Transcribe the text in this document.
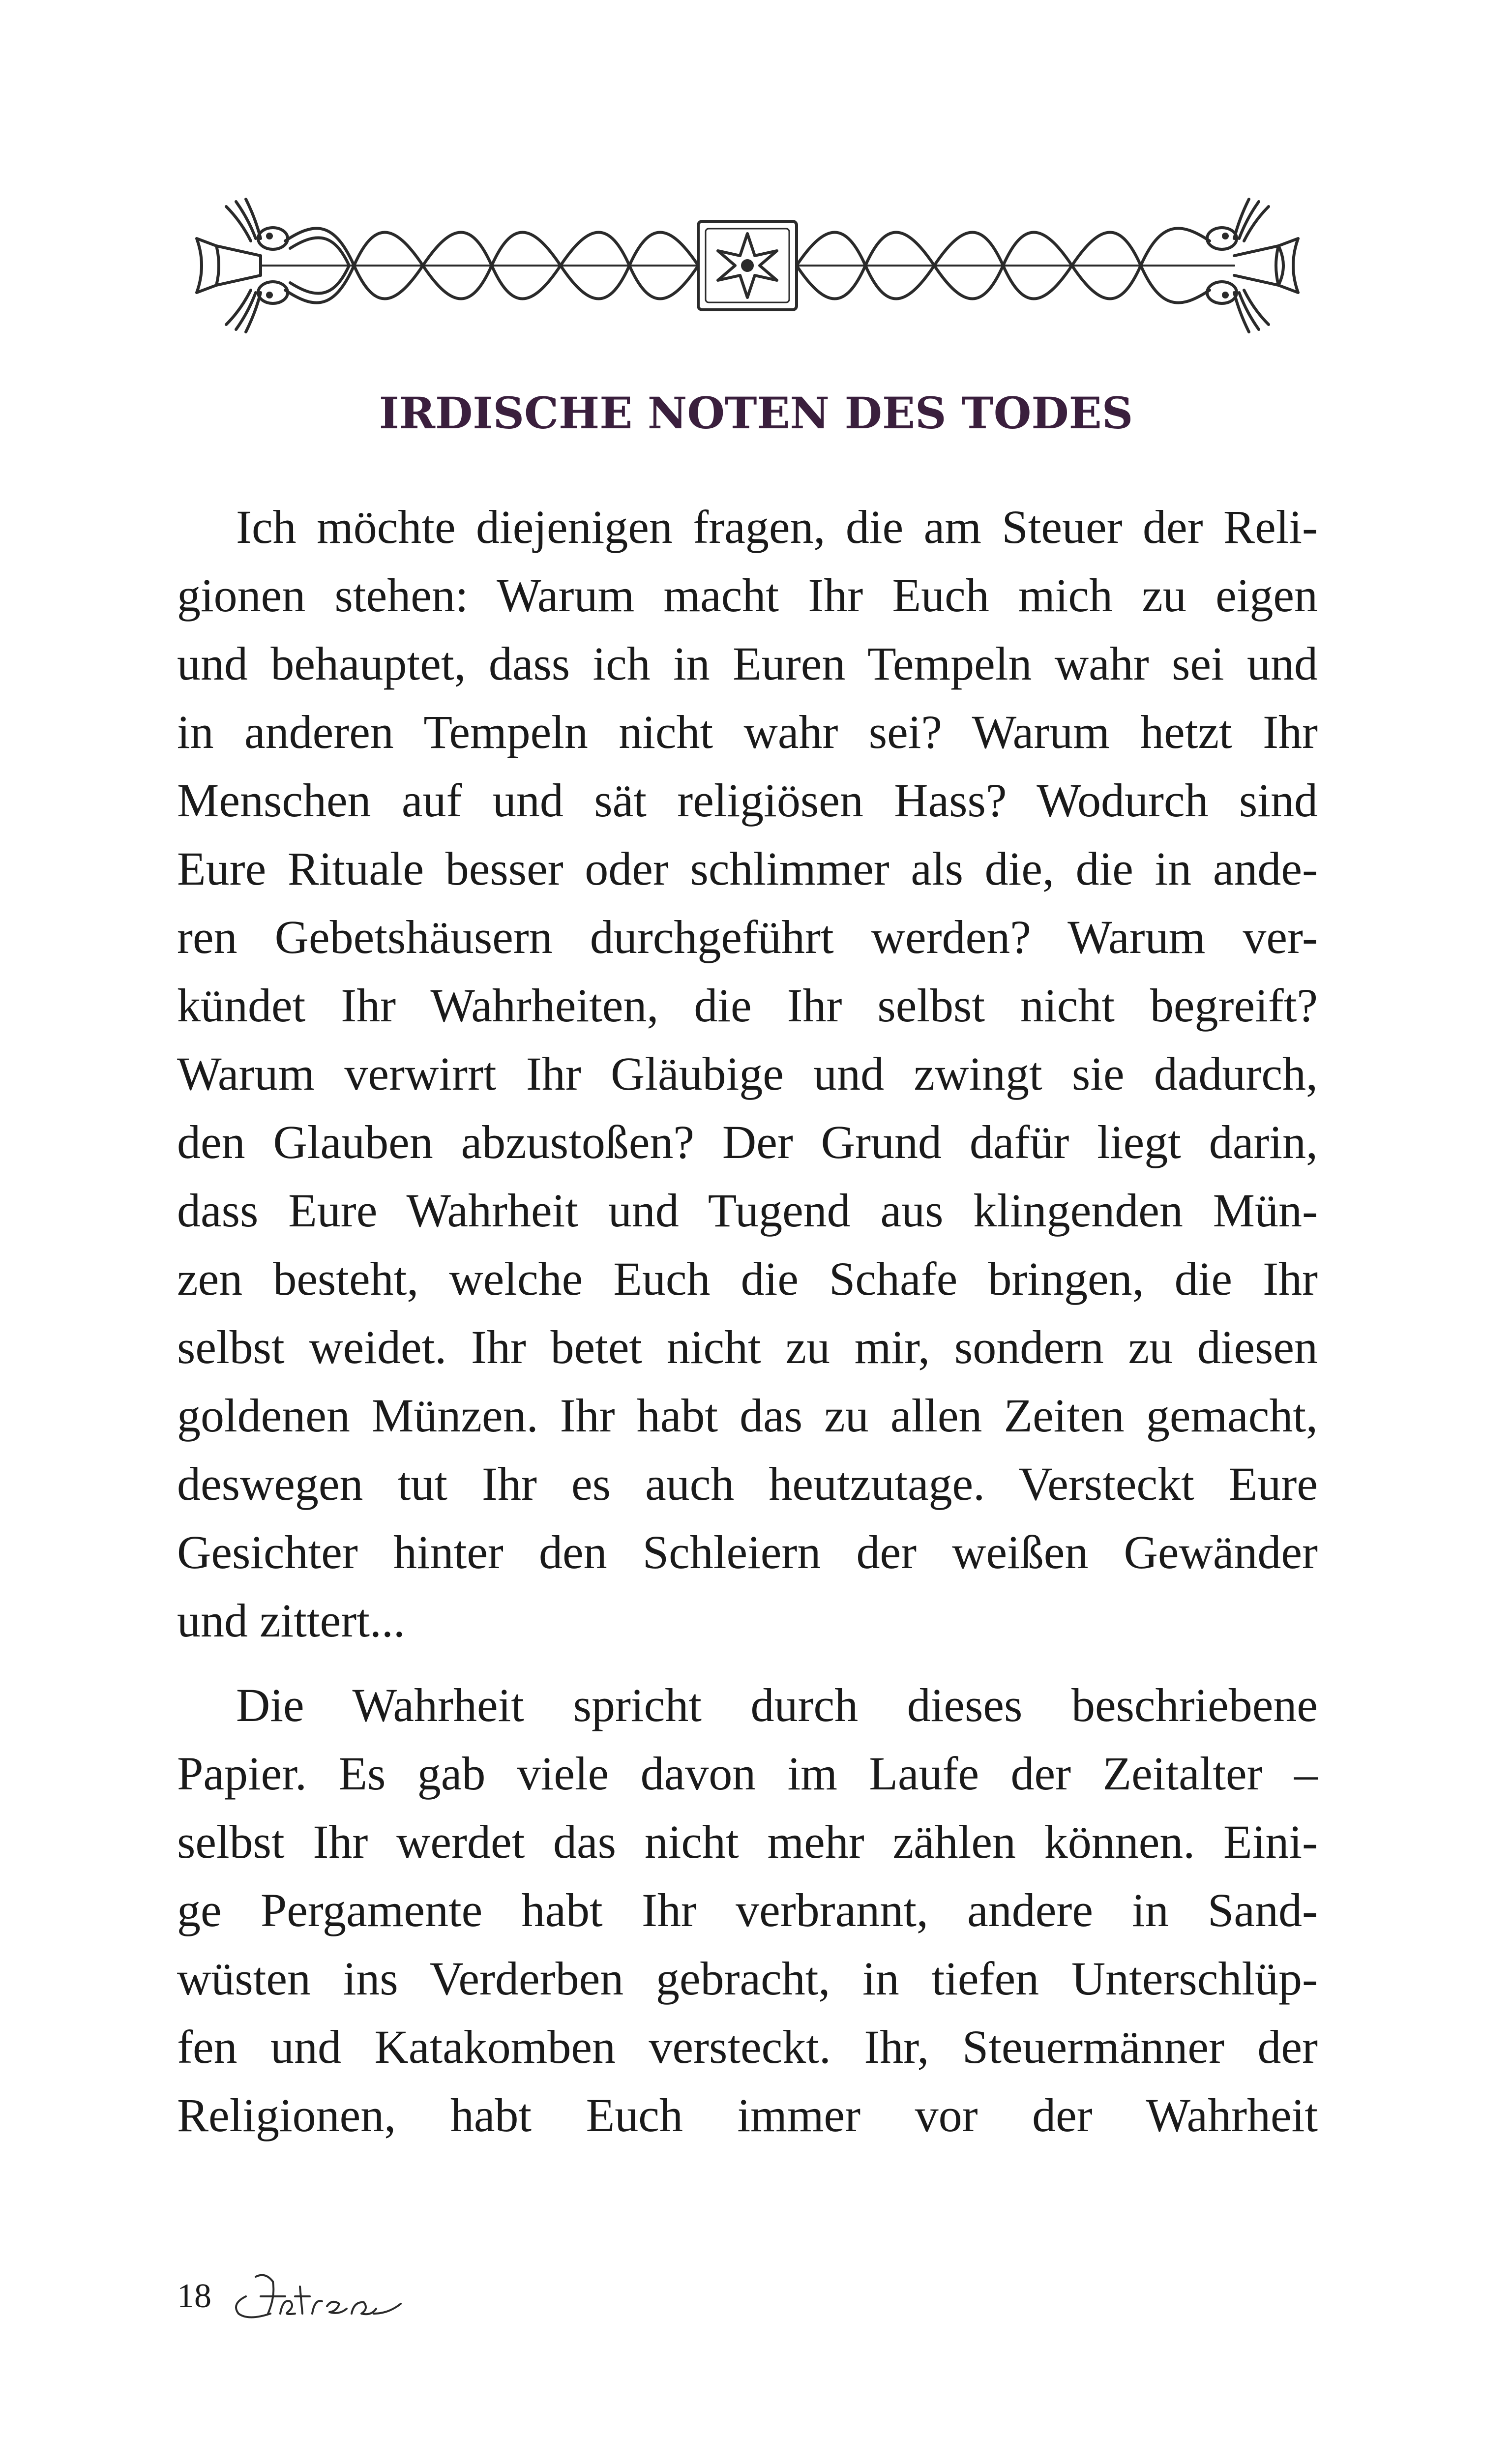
IRDISCHE NOTEN DES TODES
Ich möchte diejenigen fragen, die am Steuer der Reli-
gionen stehen: Warum macht Ihr Euch mich zu eigen
und behauptet, dass ich in Euren Tempeln wahr sei und
in anderen Tempeln nicht wahr sei? Warum hetzt Ihr
Menschen auf und sät religiösen Hass? Wodurch sind
Eure Rituale besser oder schlimmer als die, die in ande-
ren Gebetshäusern durchgeführt werden? Warum ver-
kündet Ihr Wahrheiten, die Ihr selbst nicht begreift?
Warum verwirrt Ihr Gläubige und zwingt sie dadurch,
den Glauben abzustoßen? Der Grund dafür liegt darin,
dass Eure Wahrheit und Tugend aus klingenden Mün-
zen besteht, welche Euch die Schafe bringen, die Ihr
selbst weidet. Ihr betet nicht zu mir, sondern zu diesen
goldenen Münzen. Ihr habt das zu allen Zeiten gemacht,
deswegen tut Ihr es auch heutzutage. Versteckt Eure
Gesichter hinter den Schleiern der weißen Gewänder
und zittert...
Die Wahrheit spricht durch dieses beschriebene
Papier. Es gab viele davon im Laufe der Zeitalter –
selbst Ihr werdet das nicht mehr zählen können. Eini-
ge Pergamente habt Ihr verbrannt, andere in Sand-
wüsten ins Verderben gebracht, in tiefen Unterschlüp-
fen und Katakomben versteckt. Ihr, Steuermänner der
Religionen, habt Euch immer vor der Wahrheit
18
